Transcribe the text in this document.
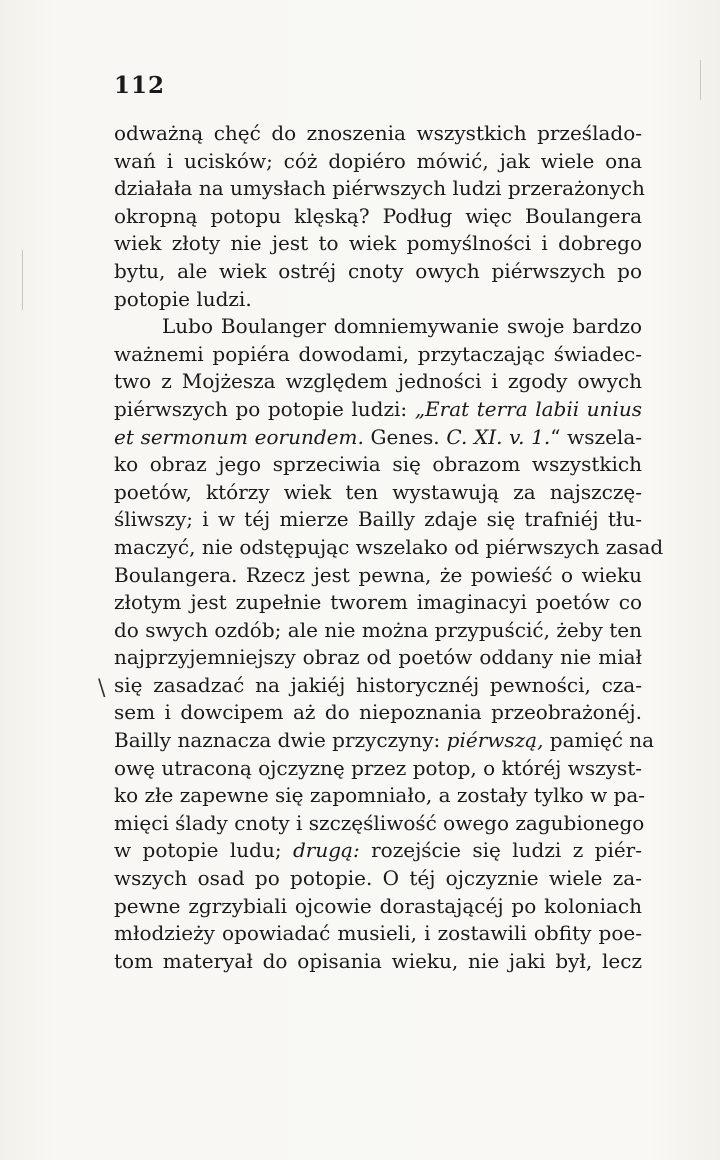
112
\
odważną chęć do znoszenia wszystkich prześlado-
wań i ucisków; cóż dopiéro mówić, jak wiele ona
działała na umysłach piérwszych ludzi przerażonych
okropną potopu klęską? Podług więc Boulangera
wiek złoty nie jest to wiek pomyślności i dobrego
bytu, ale wiek ostréj cnoty owych piérwszych po
potopie ludzi.
Lubo Boulanger domniemywanie swoje bardzo
ważnemi popiéra dowodami, przytaczając świadec-
two z Mojżesza względem jedności i zgody owych
piérwszych po potopie ludzi: „Erat terra labii unius
et sermonum eorundem. Genes. C. XI. v. 1.“ wszela-
ko obraz jego sprzeciwia się obrazom wszystkich
poetów, którzy wiek ten wystawują za najszczę-
śliwszy; i w téj mierze Bailly zdaje się trafniéj tłu-
maczyć, nie odstępując wszelako od piérwszych zasad
Boulangera. Rzecz jest pewna, że powieść o wieku
złotym jest zupełnie tworem imaginacyi poetów co
do swych ozdób; ale nie można przypuścić, żeby ten
najprzyjemniejszy obraz od poetów oddany nie miał
się zasadzać na jakiéj historycznéj pewności, cza-
sem i dowcipem aż do niepoznania przeobrażonéj.
Bailly naznacza dwie przyczyny: piérwszą, pamięć na
owę utraconą ojczyznę przez potop, o któréj wszyst-
ko złe zapewne się zapomniało, a zostały tylko w pa-
mięci ślady cnoty i szczęśliwość owego zagubionego
w potopie ludu; drugą: rozejście się ludzi z piér-
wszych osad po potopie. O téj ojczyznie wiele za-
pewne zgrzybiali ojcowie dorastającéj po koloniach
młodzieży opowiadać musieli, i zostawili obfity poe-
tom materyał do opisania wieku, nie jaki był, lecz
